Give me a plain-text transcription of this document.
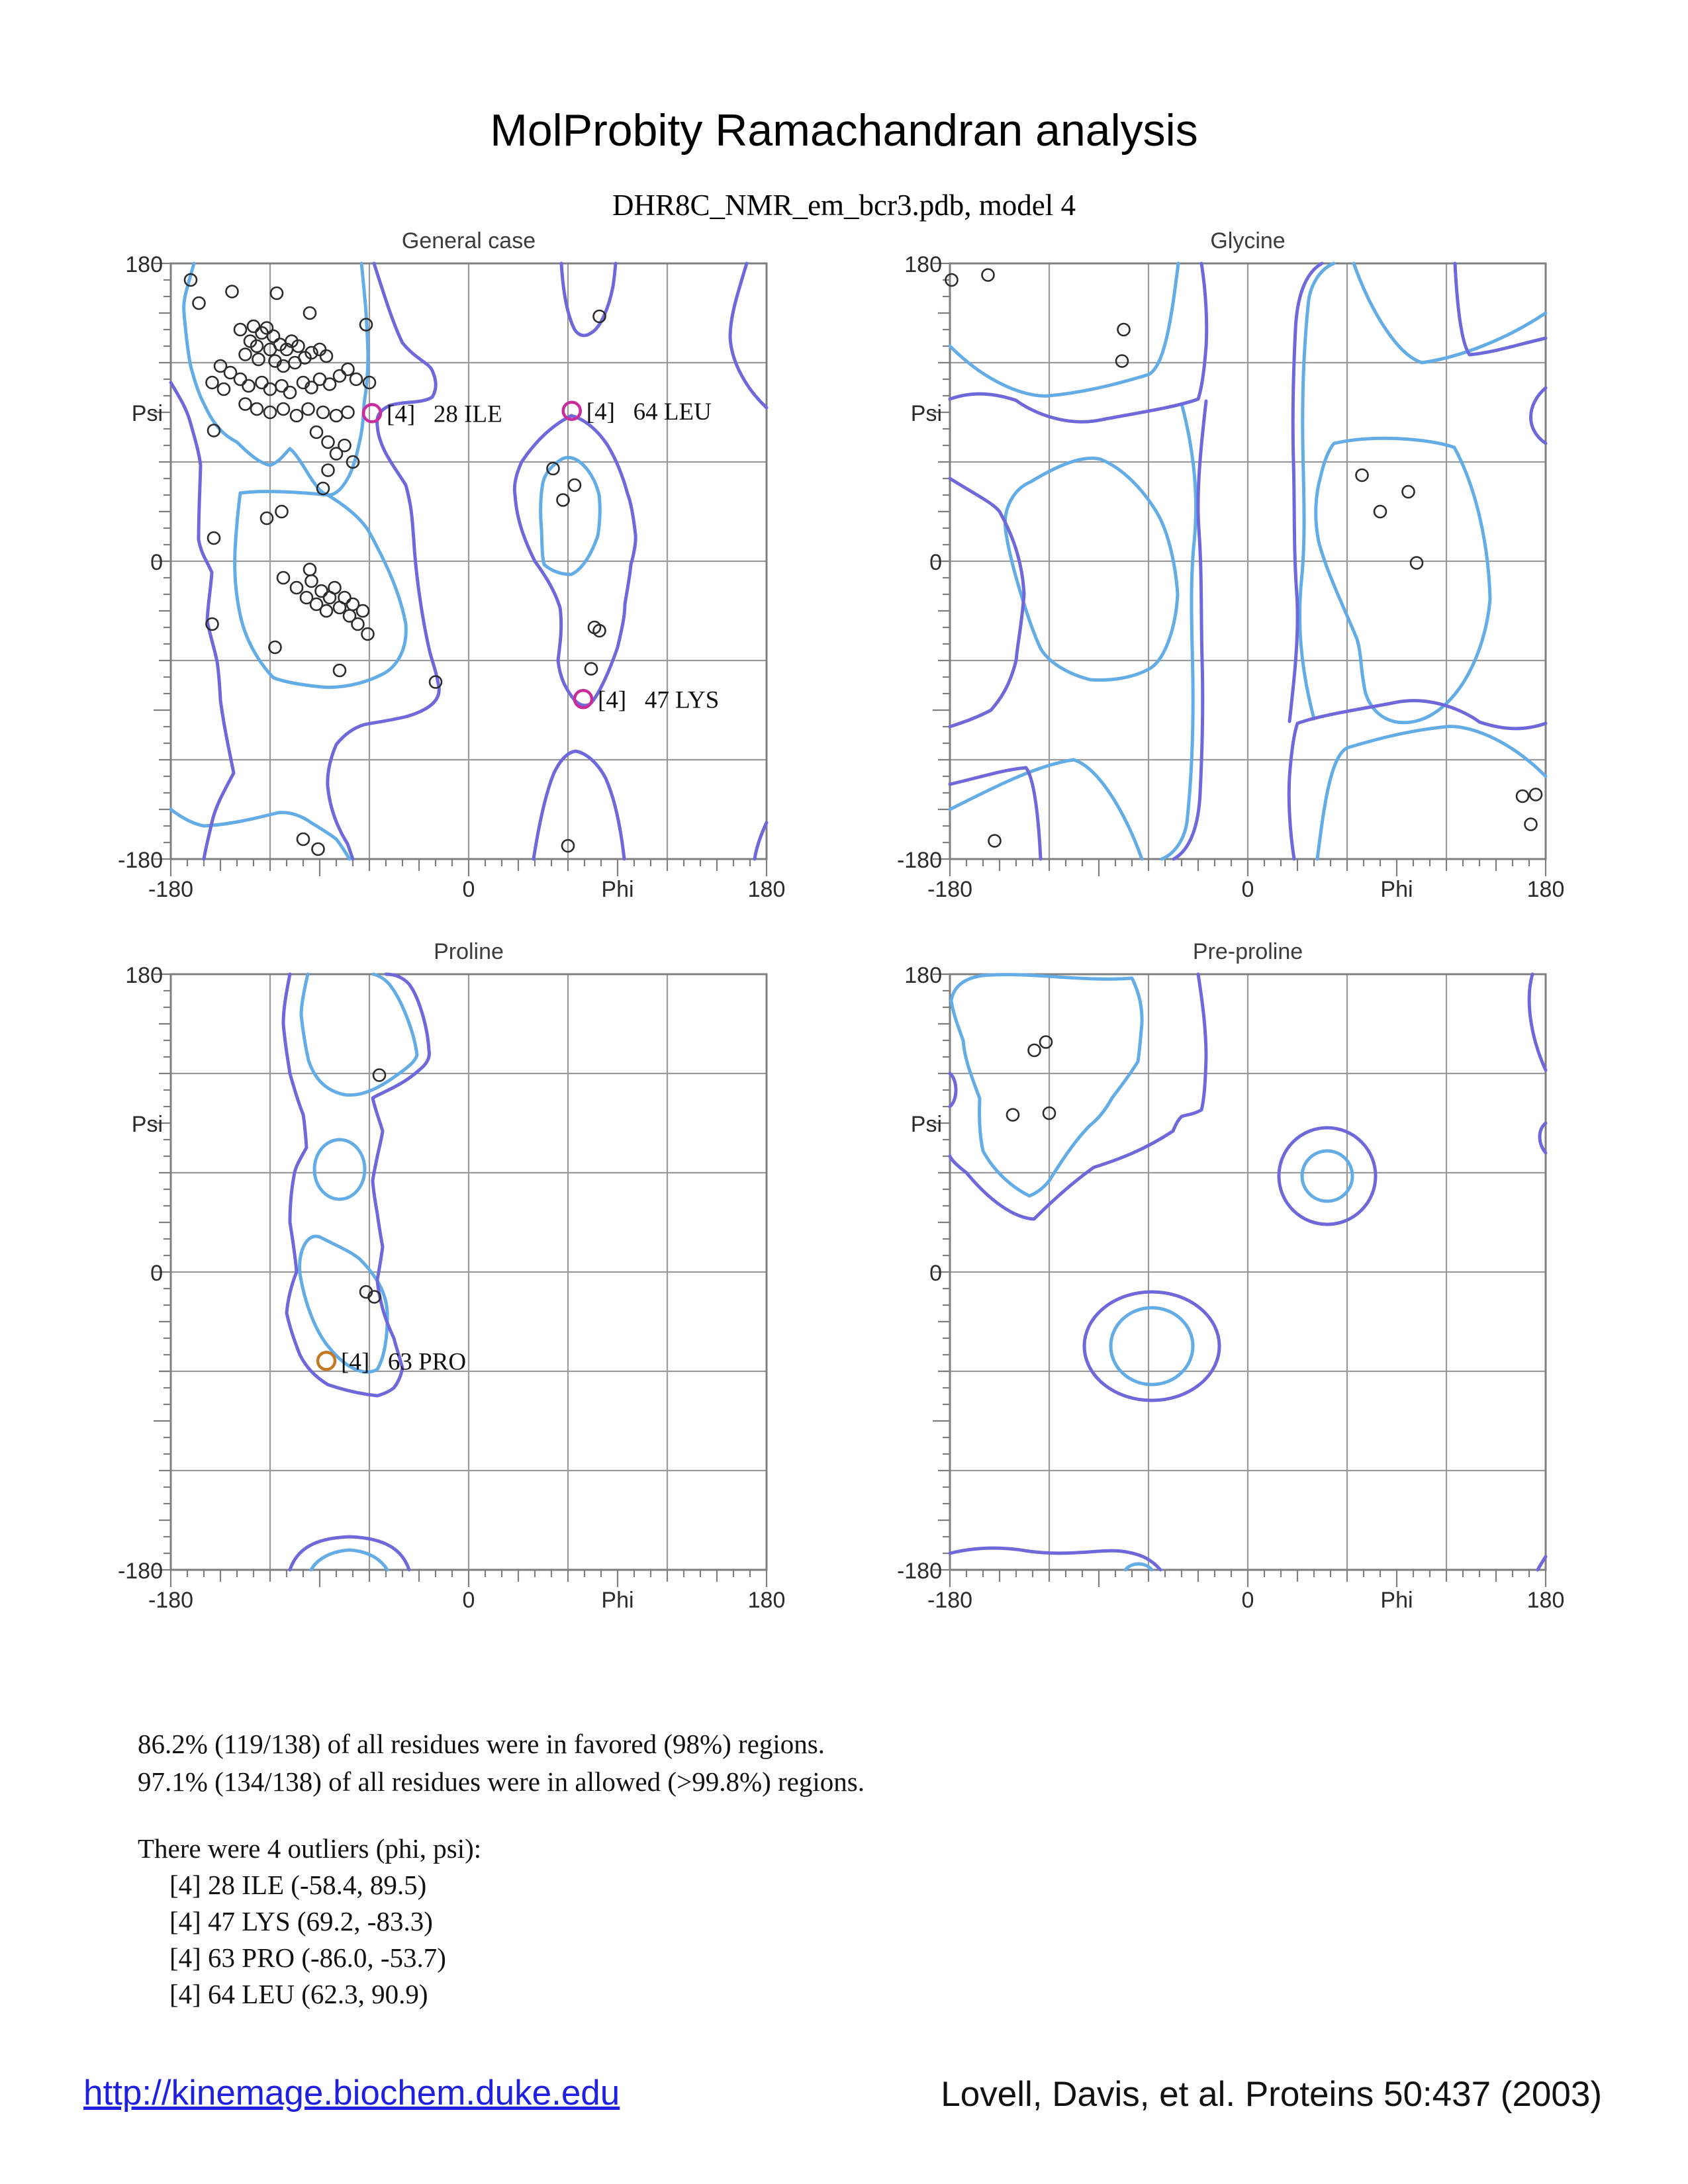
MolProbity Ramachandran analysis
DHR8C_NMR_em_bcr3.pdb, model 4
General case
180
Psi
0
-180
-180	0	Phi	180
[4]   28 ILE	[4]   64 LEU
[4]   47 LYS
Glycine
180
Psi
0
-180
-180	0	Phi	180
Proline
180
Psi
0
-180
-180	0	Phi	180
[4]   63 PRO
Pre-proline
180
Psi
0
-180
-180	0	Phi	180
86.2% (119/138) of all residues were in favored (98%) regions.
97.1% (134/138) of all residues were in allowed (>99.8%) regions.
There were 4 outliers (phi, psi):
[4] 28 ILE (-58.4, 89.5)
[4] 47 LYS (69.2, -83.3)
[4] 63 PRO (-86.0, -53.7)
[4] 64 LEU (62.3, 90.9)
http://kinemage.biochem.duke.edu	Lovell, Davis, et al. Proteins 50:437 (2003)
